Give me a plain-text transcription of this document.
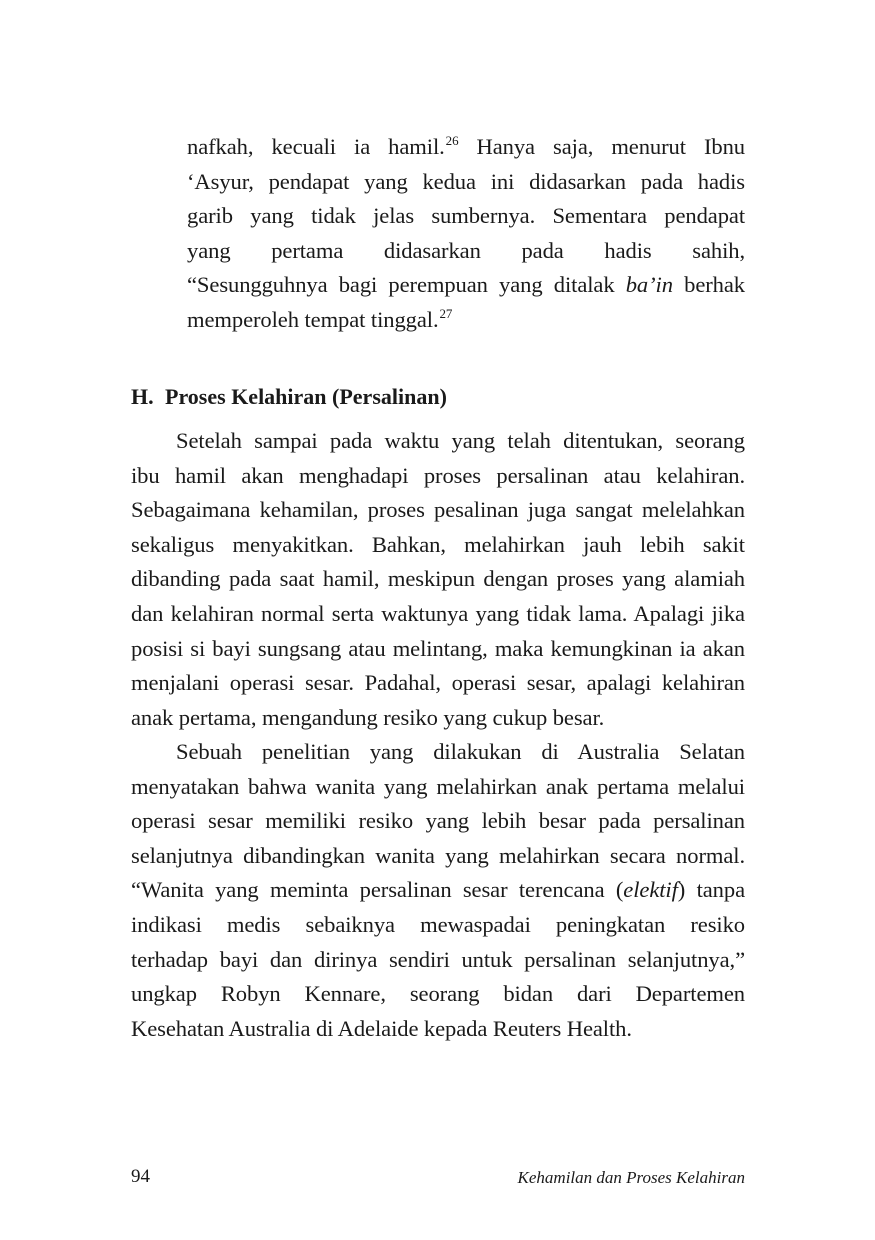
nafkah, kecuali ia hamil.$^{26}$ Hanya saja, menurut Ibnu
‘Asyur, pendapat yang kedua ini didasarkan pada hadis
garib yang tidak jelas sumbernya. Sementara pendapat
yang pertama didasarkan pada hadis sahih,
“Sesungguhnya bagi perempuan yang ditalak ba’in berhak
memperoleh tempat tinggal.$^{27}$
H. Proses Kelahiran (Persalinan)
Setelah sampai pada waktu yang telah ditentukan, seorang
ibu hamil akan menghadapi proses persalinan atau kelahiran.
Sebagaimana kehamilan, proses pesalinan juga sangat melelahkan
sekaligus menyakitkan. Bahkan, melahirkan jauh lebih sakit
dibanding pada saat hamil, meskipun dengan proses yang alamiah
dan kelahiran normal serta waktunya yang tidak lama. Apalagi jika
posisi si bayi sungsang atau melintang, maka kemungkinan ia akan
menjalani operasi sesar. Padahal, operasi sesar, apalagi kelahiran
anak pertama, mengandung resiko yang cukup besar.
Sebuah penelitian yang dilakukan di Australia Selatan
menyatakan bahwa wanita yang melahirkan anak pertama melalui
operasi sesar memiliki resiko yang lebih besar pada persalinan
selanjutnya dibandingkan wanita yang melahirkan secara normal.
“Wanita yang meminta persalinan sesar terencana (elektif) tanpa
indikasi medis sebaiknya mewaspadai peningkatan resiko
terhadap bayi dan dirinya sendiri untuk persalinan selanjutnya,”
ungkap Robyn Kennare, seorang bidan dari Departemen
Kesehatan Australia di Adelaide kepada Reuters Health.
94	Kehamilan dan Proses Kelahiran
